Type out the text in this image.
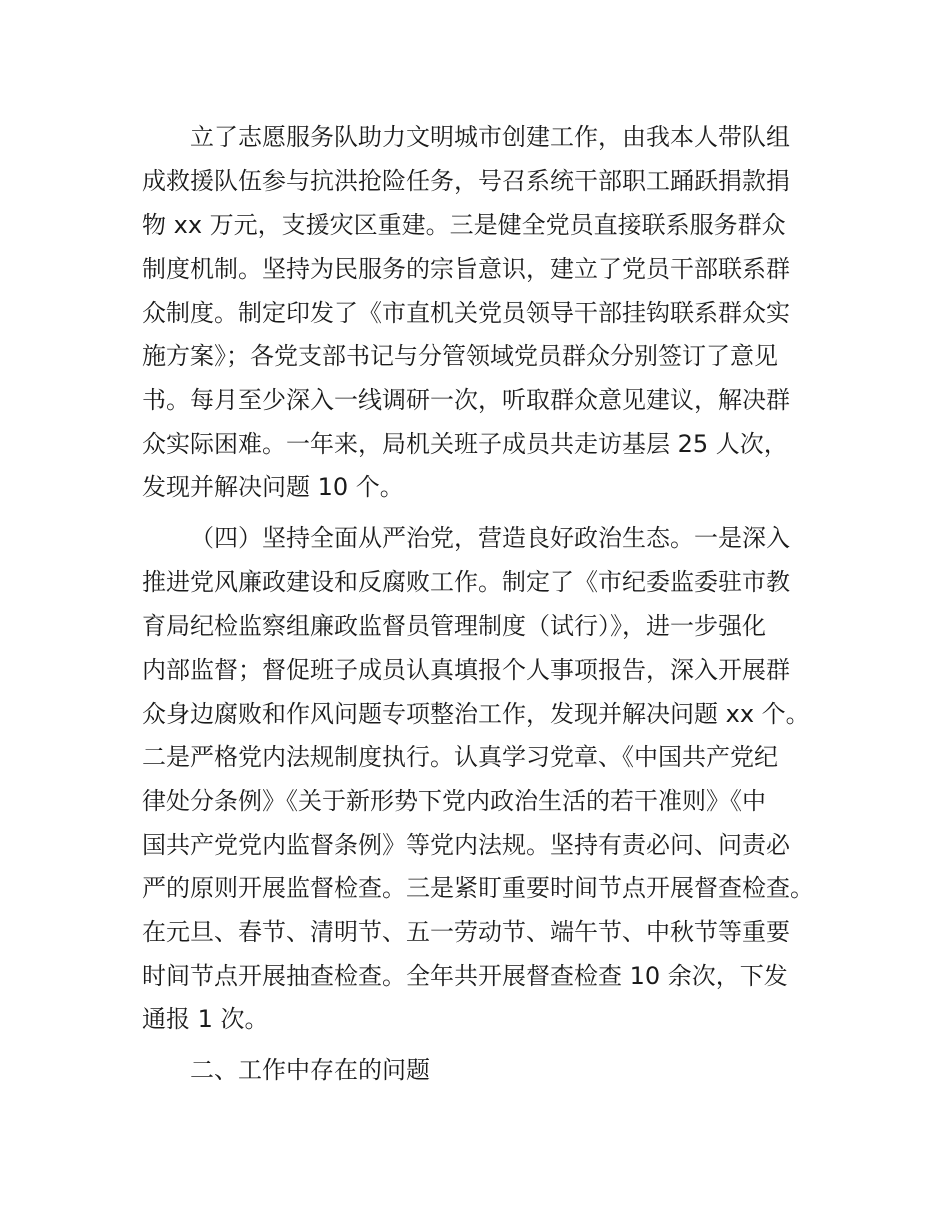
立了志愿服务队助力文明城市创建工作，由我本人带队组
成救援队伍参与抗洪抢险任务，号召系统干部职工踊跃捐款捐
物 xx 万元，支援灾区重建。三是健全党员直接联系服务群众
制度机制。坚持为民服务的宗旨意识，建立了党员干部联系群
众制度。制定印发了《市直机关党员领导干部挂钩联系群众实
施方案》；各党支部书记与分管领域党员群众分别签订了意见
书。每月至少深入一线调研一次，听取群众意见建议，解决群
众实际困难。一年来，局机关班子成员共走访基层 25 人次，
发现并解决问题 10 个。
（四）坚持全面从严治党，营造良好政治生态。一是深入
推进党风廉政建设和反腐败工作。制定了《市纪委监委驻市教
育局纪检监察组廉政监督员管理制度（试行）》，进一步强化
内部监督；督促班子成员认真填报个人事项报告，深入开展群
众身边腐败和作风问题专项整治工作，发现并解决问题 xx 个。
二是严格党内法规制度执行。认真学习党章、《中国共产党纪
律处分条例》《关于新形势下党内政治生活的若干准则》《中
国共产党党内监督条例》等党内法规。坚持有责必问、问责必
严的原则开展监督检查。三是紧盯重要时间节点开展督查检查。
在元旦、春节、清明节、五一劳动节、端午节、中秋节等重要
时间节点开展抽查检查。全年共开展督查检查 10 余次，下发
通报 1 次。
二、工作中存在的问题
